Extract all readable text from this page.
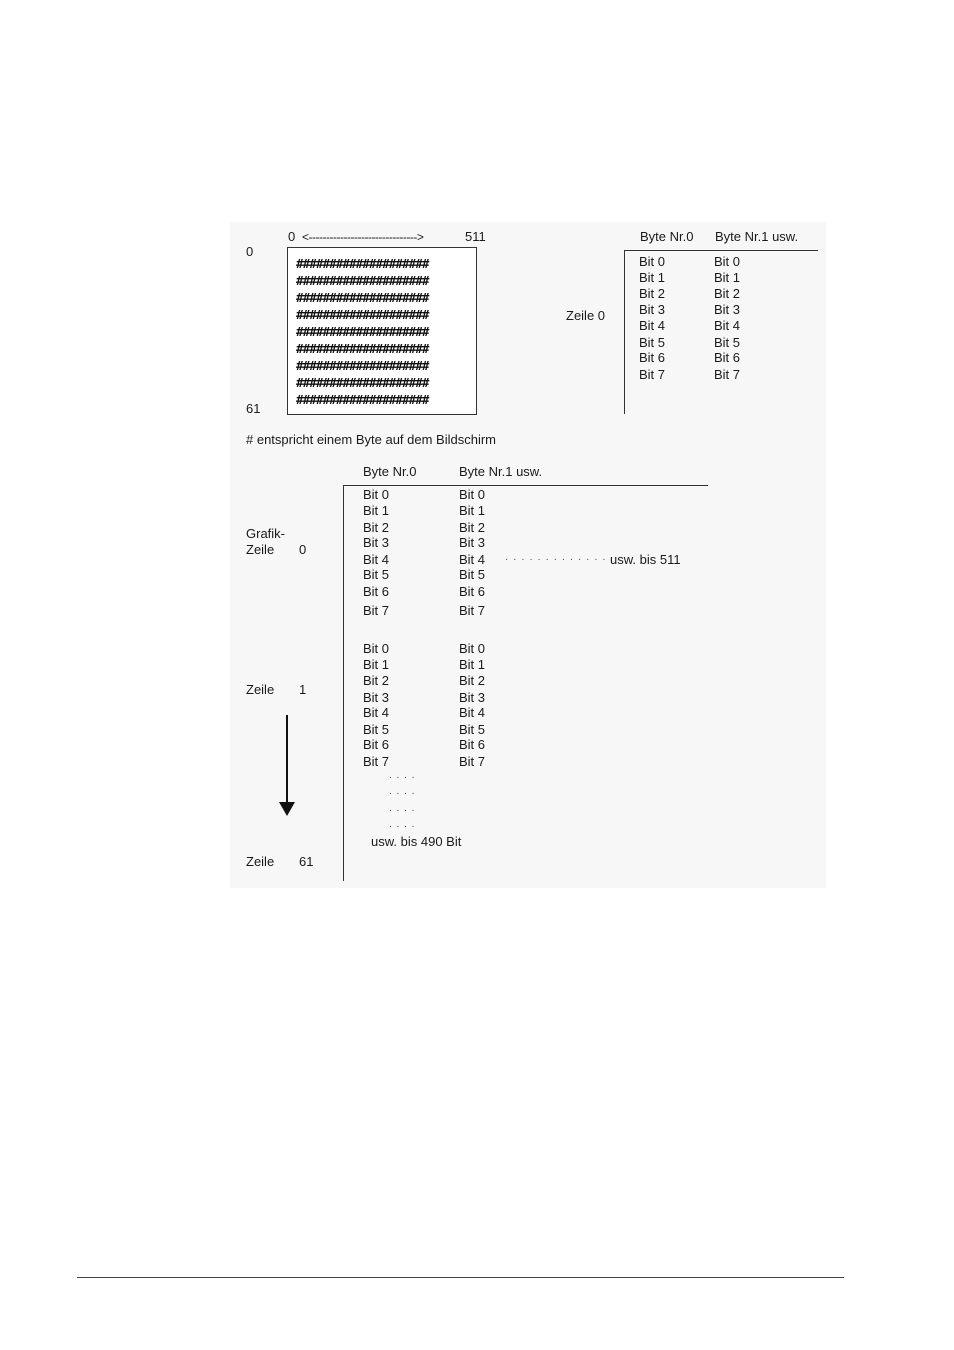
0 <------------------------------->	511
0
61
####################
####################
####################
####################
####################
####################
####################
####################
####################
# entspricht einem Byte auf dem Bildschirm
Byte Nr.0 Byte Nr.1 usw.
Zeile 0
Bit 0
Bit 1
Bit 2
Bit 3
Bit 4
Bit 5
Bit 6
Bit 7
Bit 0
Bit 1
Bit 2
Bit 3
Bit 4
Bit 5
Bit 6
Bit 7
Byte Nr.0	Byte Nr.1 usw.
Grafik-
Zeile 0
Zeile 1
Zeile 61
Bit 0
Bit 1
Bit 2
Bit 3
Bit 4
Bit 5
Bit 6
Bit 7
Bit 0
Bit 1
Bit 2
Bit 3
Bit 4
Bit 5
Bit 6
Bit 7
· · · · · · · · · · · · · usw. bis 511
Bit 0
Bit 1
Bit 2
Bit 3
Bit 4
Bit 5
Bit 6
Bit 7
Bit 0
Bit 1
Bit 2
Bit 3
Bit 4
Bit 5
Bit 6
Bit 7
. . . .
. . . .
. . . .
. . . .
usw. bis 490 Bit
